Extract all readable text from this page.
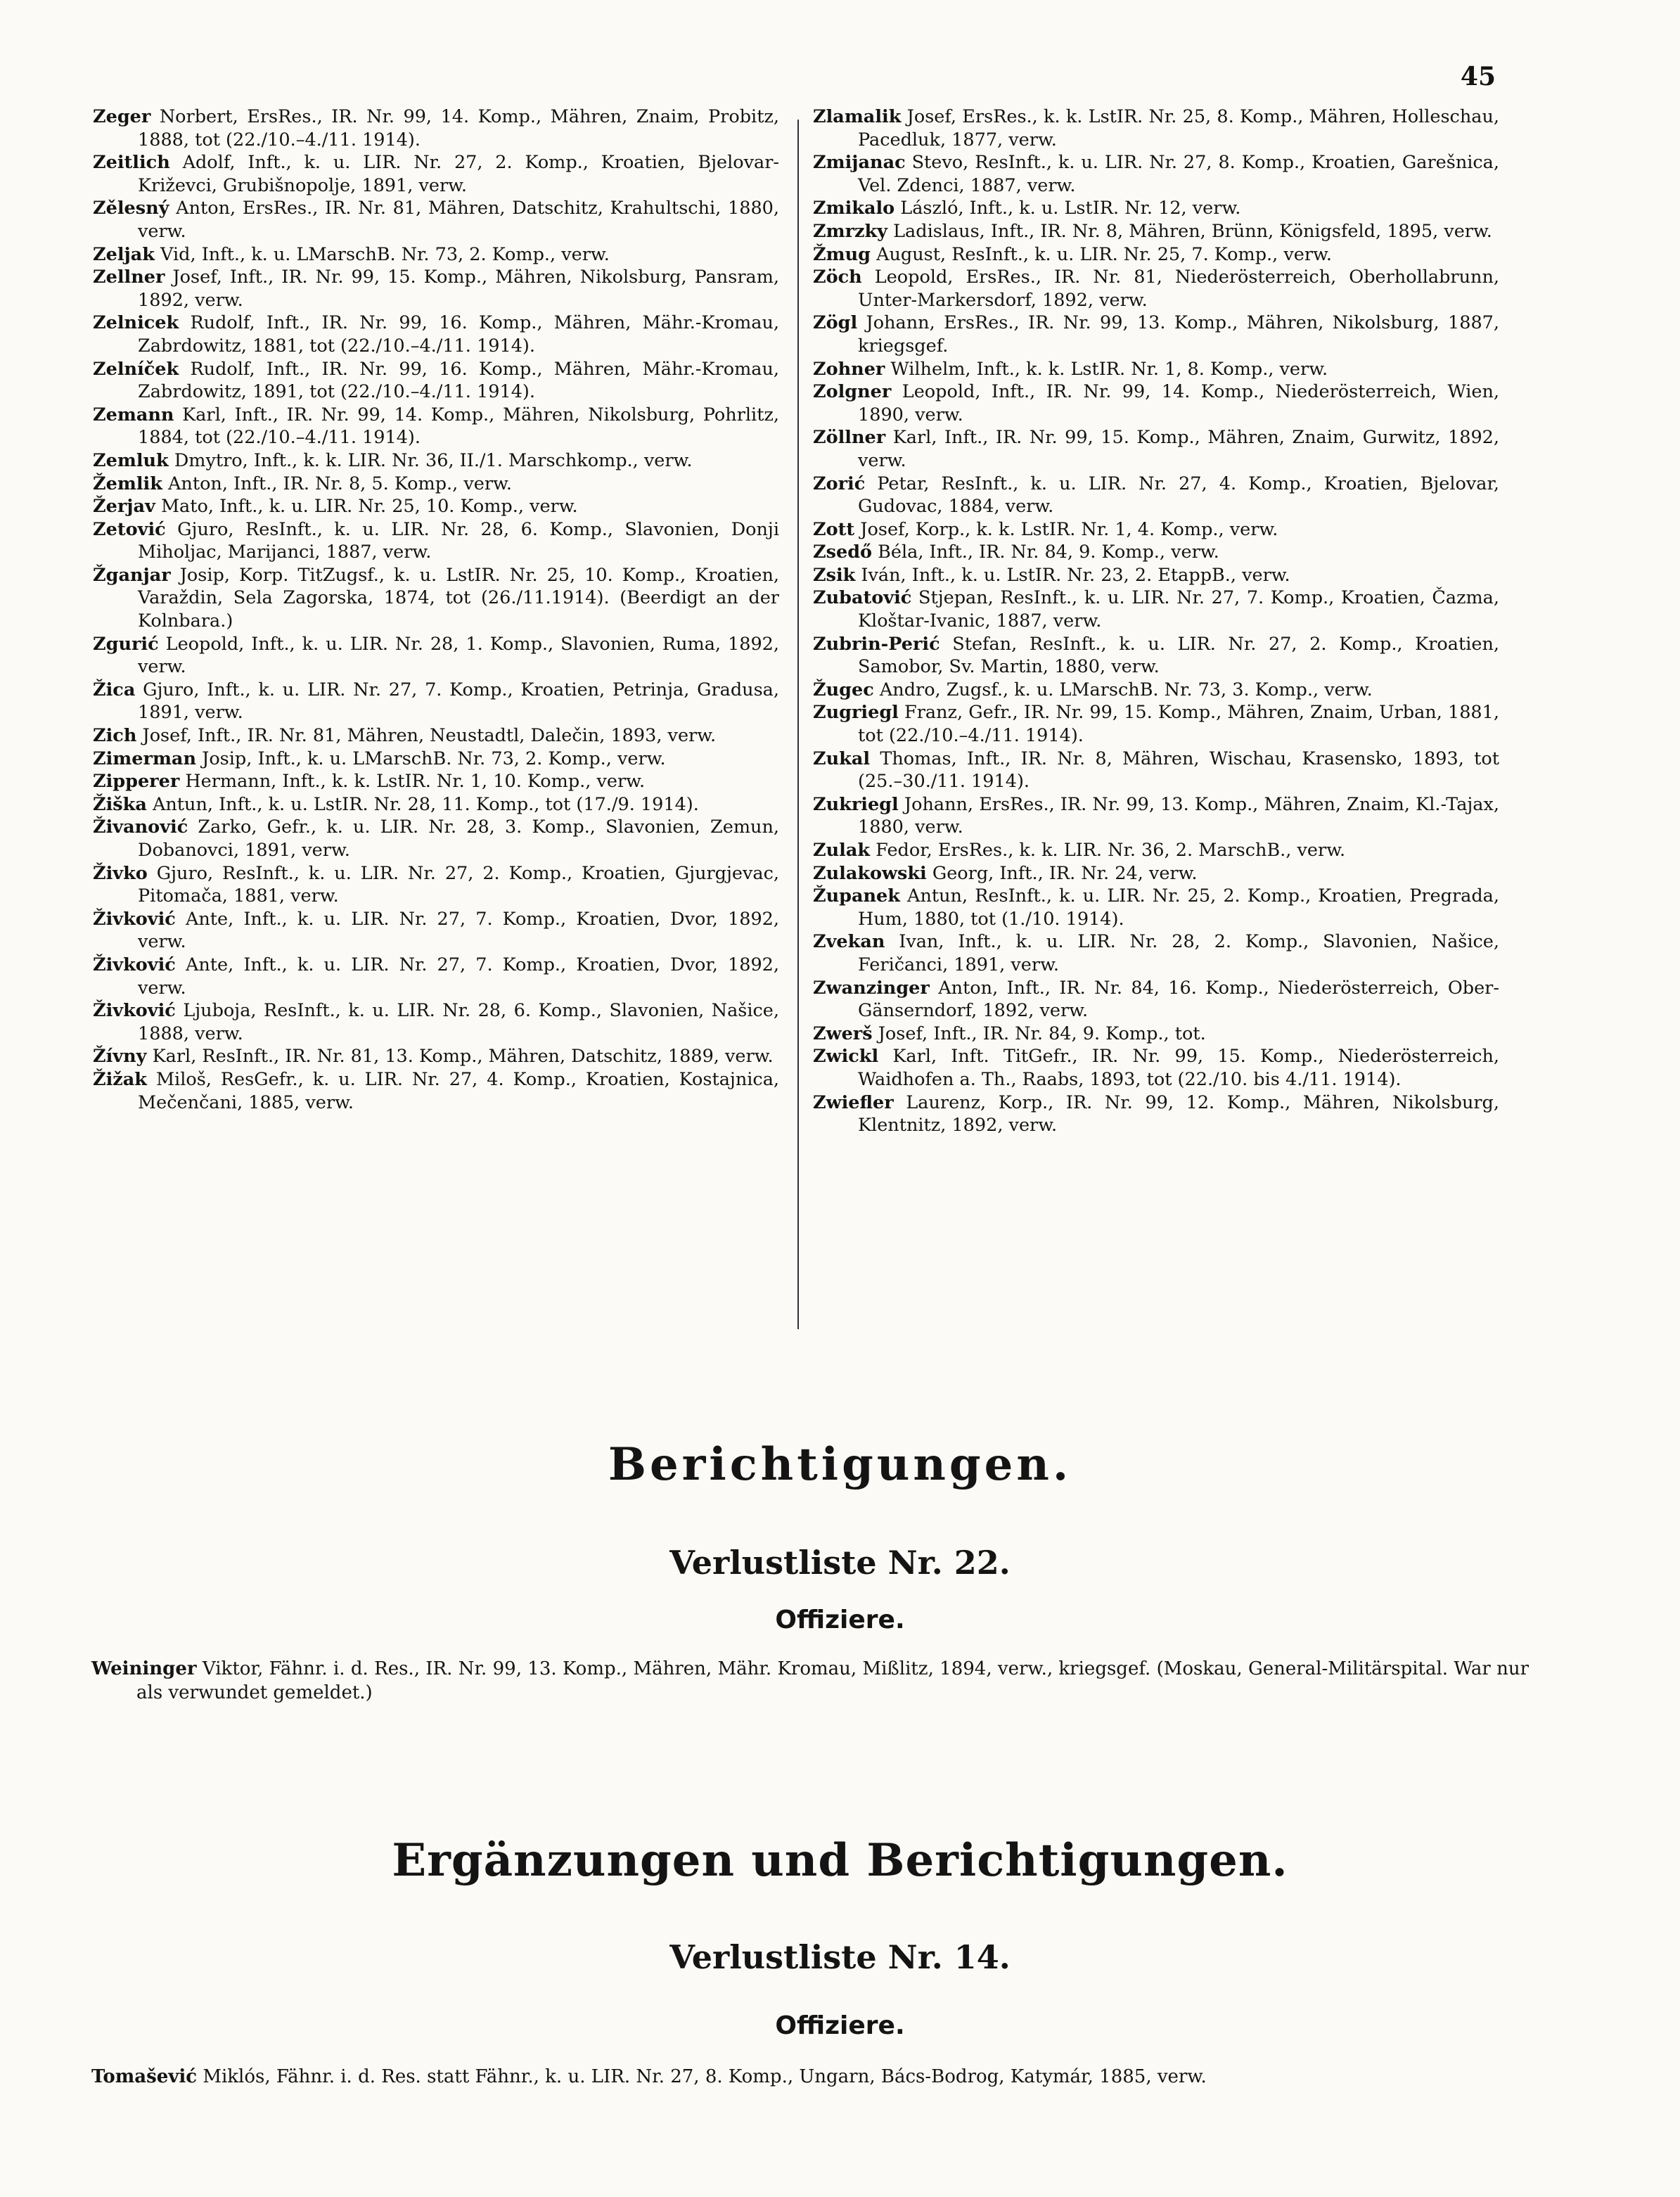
45
Zeger Norbert, ErsRes., IR. Nr. 99, 14. Komp., Mähren, Znaim, Probitz, 1888, tot (22./10.–4./11. 1914).
Zeitlich Adolf, Inft., k. u. LIR. Nr. 27, 2. Komp., Kroatien, Bjelovar-Križevci, Grubišnopolje, 1891, verw.
Zělesný Anton, ErsRes., IR. Nr. 81, Mähren, Datschitz, Krahultschi, 1880, verw.
Zeljak Vid, Inft., k. u. LMarschB. Nr. 73, 2. Komp., verw.
Zellner Josef, Inft., IR. Nr. 99, 15. Komp., Mähren, Nikolsburg, Pansram, 1892, verw.
Zelnicek Rudolf, Inft., IR. Nr. 99, 16. Komp., Mähren, Mähr.-Kromau, Zabrdowitz, 1881, tot (22./10.–4./11. 1914).
Zelníček Rudolf, Inft., IR. Nr. 99, 16. Komp., Mähren, Mähr.-Kromau, Zabrdowitz, 1891, tot (22./10.–4./11. 1914).
Zemann Karl, Inft., IR. Nr. 99, 14. Komp., Mähren, Nikolsburg, Pohrlitz, 1884, tot (22./10.–4./11. 1914).
Zemluk Dmytro, Inft., k. k. LIR. Nr. 36, II./1. Marschkomp., verw.
Žemlik Anton, Inft., IR. Nr. 8, 5. Komp., verw.
Žerjav Mato, Inft., k. u. LIR. Nr. 25, 10. Komp., verw.
Zetović Gjuro, ResInft., k. u. LIR. Nr. 28, 6. Komp., Slavonien, Donji Miholjac, Marijanci, 1887, verw.
Žganjar Josip, Korp. TitZugsf., k. u. LstIR. Nr. 25, 10. Komp., Kroatien, Varaždin, Sela Zagorska, 1874, tot (26./11.1914). (Beerdigt an der Kolnbara.)
Zgurić Leopold, Inft., k. u. LIR. Nr. 28, 1. Komp., Slavonien, Ruma, 1892, verw.
Žica Gjuro, Inft., k. u. LIR. Nr. 27, 7. Komp., Kroatien, Petrinja, Gradusa, 1891, verw.
Zich Josef, Inft., IR. Nr. 81, Mähren, Neustadtl, Dalečin, 1893, verw.
Zimerman Josip, Inft., k. u. LMarschB. Nr. 73, 2. Komp., verw.
Zipperer Hermann, Inft., k. k. LstIR. Nr. 1, 10. Komp., verw.
Žiška Antun, Inft., k. u. LstIR. Nr. 28, 11. Komp., tot (17./9. 1914).
Živanović Zarko, Gefr., k. u. LIR. Nr. 28, 3. Komp., Slavonien, Zemun, Dobanovci, 1891, verw.
Živko Gjuro, ResInft., k. u. LIR. Nr. 27, 2. Komp., Kroatien, Gjurgjevac, Pitomača, 1881, verw.
Živković Ante, Inft., k. u. LIR. Nr. 27, 7. Komp., Kroatien, Dvor, 1892, verw.
Živković Ante, Inft., k. u. LIR. Nr. 27, 7. Komp., Kroatien, Dvor, 1892, verw.
Živković Ljuboja, ResInft., k. u. LIR. Nr. 28, 6. Komp., Slavonien, Našice, 1888, verw.
Žívny Karl, ResInft., IR. Nr. 81, 13. Komp., Mähren, Datschitz, 1889, verw.
Žižak Miloš, ResGefr., k. u. LIR. Nr. 27, 4. Komp., Kroatien, Kostajnica, Mečenčani, 1885, verw.
Zlamalik Josef, ErsRes., k. k. LstIR. Nr. 25, 8. Komp., Mähren, Holleschau, Pacedluk, 1877, verw.
Zmijanac Stevo, ResInft., k. u. LIR. Nr. 27, 8. Komp., Kroatien, Garešnica, Vel. Zdenci, 1887, verw.
Zmikalo László, Inft., k. u. LstIR. Nr. 12, verw.
Zmrzky Ladislaus, Inft., IR. Nr. 8, Mähren, Brünn, Königsfeld, 1895, verw.
Žmug August, ResInft., k. u. LIR. Nr. 25, 7. Komp., verw.
Zöch Leopold, ErsRes., IR. Nr. 81, Niederösterreich, Oberhollabrunn, Unter-Markersdorf, 1892, verw.
Zögl Johann, ErsRes., IR. Nr. 99, 13. Komp., Mähren, Nikolsburg, 1887, kriegsgef.
Zohner Wilhelm, Inft., k. k. LstIR. Nr. 1, 8. Komp., verw.
Zolgner Leopold, Inft., IR. Nr. 99, 14. Komp., Niederösterreich, Wien, 1890, verw.
Zöllner Karl, Inft., IR. Nr. 99, 15. Komp., Mähren, Znaim, Gurwitz, 1892, verw.
Zorić Petar, ResInft., k. u. LIR. Nr. 27, 4. Komp., Kroatien, Bjelovar, Gudovac, 1884, verw.
Zott Josef, Korp., k. k. LstIR. Nr. 1, 4. Komp., verw.
Zsedő Béla, Inft., IR. Nr. 84, 9. Komp., verw.
Zsik Iván, Inft., k. u. LstIR. Nr. 23, 2. EtappB., verw.
Zubatović Stjepan, ResInft., k. u. LIR. Nr. 27, 7. Komp., Kroatien, Čazma, Kloštar-Ivanic, 1887, verw.
Zubrin-Perić Stefan, ResInft., k. u. LIR. Nr. 27, 2. Komp., Kroatien, Samobor, Sv. Martin, 1880, verw.
Žugec Andro, Zugsf., k. u. LMarschB. Nr. 73, 3. Komp., verw.
Zugriegl Franz, Gefr., IR. Nr. 99, 15. Komp., Mähren, Znaim, Urban, 1881, tot (22./10.–4./11. 1914).
Zukal Thomas, Inft., IR. Nr. 8, Mähren, Wischau, Krasensko, 1893, tot (25.–30./11. 1914).
Zukriegl Johann, ErsRes., IR. Nr. 99, 13. Komp., Mähren, Znaim, Kl.-Tajax, 1880, verw.
Zulak Fedor, ErsRes., k. k. LIR. Nr. 36, 2. MarschB., verw.
Zulakowski Georg, Inft., IR. Nr. 24, verw.
Županek Antun, ResInft., k. u. LIR. Nr. 25, 2. Komp., Kroatien, Pregrada, Hum, 1880, tot (1./10. 1914).
Zvekan Ivan, Inft., k. u. LIR. Nr. 28, 2. Komp., Slavonien, Našice, Feričanci, 1891, verw.
Zwanzinger Anton, Inft., IR. Nr. 84, 16. Komp., Niederösterreich, Ober-Gänserndorf, 1892, verw.
Zwerš Josef, Inft., IR. Nr. 84, 9. Komp., tot.
Zwickl Karl, Inft. TitGefr., IR. Nr. 99, 15. Komp., Niederösterreich, Waidhofen a. Th., Raabs, 1893, tot (22./10. bis 4./11. 1914).
Zwiefler Laurenz, Korp., IR. Nr. 99, 12. Komp., Mähren, Nikolsburg, Klentnitz, 1892, verw.
Berichtigungen.
Verlustliste Nr. 22.
Offiziere.
Weininger Viktor, Fähnr. i. d. Res., IR. Nr. 99, 13. Komp., Mähren, Mähr. Kromau, Mißlitz, 1894, verw., kriegsgef. (Moskau, General-Militärspital. War nur als verwundet gemeldet.)
Ergänzungen und Berichtigungen.
Verlustliste Nr. 14.
Offiziere.
Tomašević Miklós, Fähnr. i. d. Res. statt Fähnr., k. u. LIR. Nr. 27, 8. Komp., Ungarn, Bács-Bodrog, Katymár, 1885, verw.
